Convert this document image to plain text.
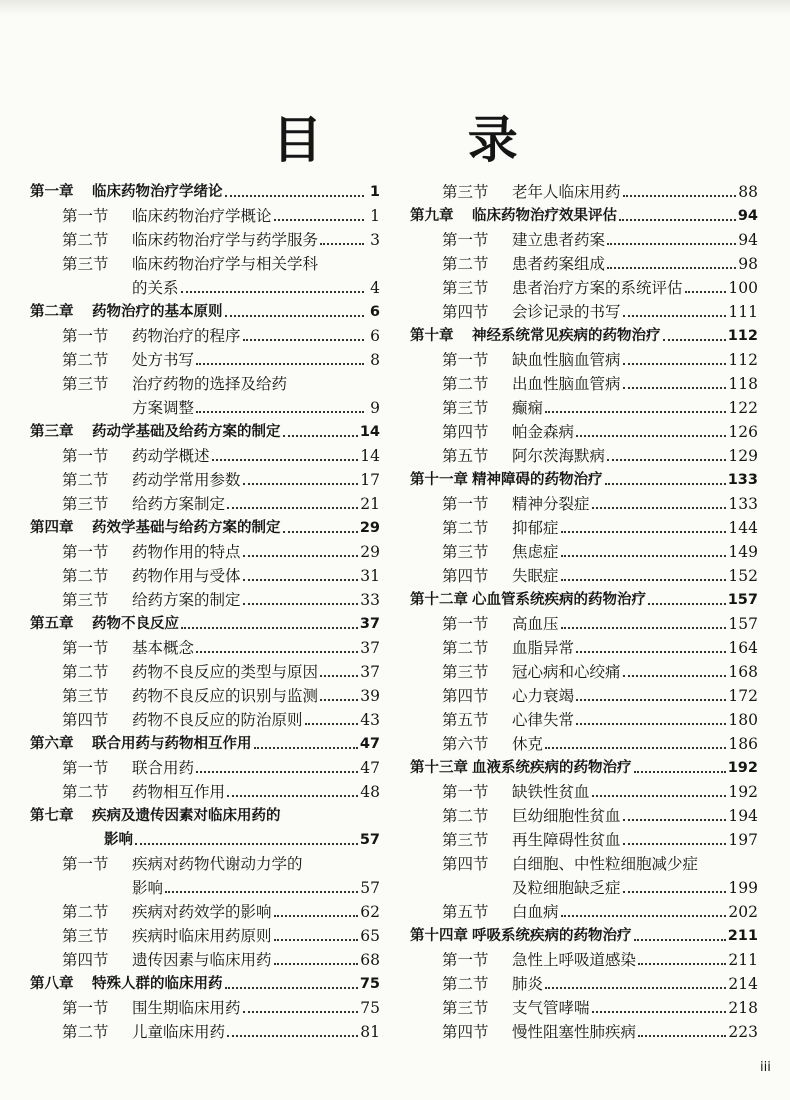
目 录
第一章	临床药物治疗学绪论	1
第一节	临床药物治疗学概论	1
第二节	临床药物治疗学与药学服务	3
第三节	临床药物治疗学与相关学科
的关系	4
第二章	药物治疗的基本原则	6
第一节	药物治疗的程序	6
第二节	处方书写	8
第三节	治疗药物的选择及给药
方案调整	9
第三章	药动学基础及给药方案的制定	14
第一节	药动学概述	14
第二节	药动学常用参数	17
第三节	给药方案制定	21
第四章	药效学基础与给药方案的制定	29
第一节	药物作用的特点	29
第二节	药物作用与受体	31
第三节	给药方案的制定	33
第五章	药物不良反应	37
第一节	基本概念	37
第二节	药物不良反应的类型与原因	37
第三节	药物不良反应的识别与监测	39
第四节	药物不良反应的防治原则	43
第六章	联合用药与药物相互作用	47
第一节	联合用药	47
第二节	药物相互作用	48
第七章	疾病及遗传因素对临床用药的
影响	57
第一节	疾病对药物代谢动力学的
影响	57
第二节	疾病对药效学的影响	62
第三节	疾病时临床用药原则	65
第四节	遗传因素与临床用药	68
第八章	特殊人群的临床用药	75
第一节	围生期临床用药	75
第二节	儿童临床用药	81
第三节	老年人临床用药	88
第九章	临床药物治疗效果评估	94
第一节	建立患者药案	94
第二节	患者药案组成	98
第三节	患者治疗方案的系统评估	100
第四节	会诊记录的书写	111
第十章	神经系统常见疾病的药物治疗	112
第一节	缺血性脑血管病	112
第二节	出血性脑血管病	118
第三节	癫痫	122
第四节	帕金森病	126
第五节	阿尔茨海默病	129
第十一章 精神障碍的药物治疗	133
第一节	精神分裂症	133
第二节	抑郁症	144
第三节	焦虑症	149
第四节	失眠症	152
第十二章 心血管系统疾病的药物治疗	157
第一节	高血压	157
第二节	血脂异常	164
第三节	冠心病和心绞痛	168
第四节	心力衰竭	172
第五节	心律失常	180
第六节	休克	186
第十三章 血液系统疾病的药物治疗	192
第一节	缺铁性贫血	192
第二节	巨幼细胞性贫血	194
第三节	再生障碍性贫血	197
第四节	白细胞、中性粒细胞减少症
及粒细胞缺乏症	199
第五节	白血病	202
第十四章 呼吸系统疾病的药物治疗	211
第一节	急性上呼吸道感染	211
第二节	肺炎	214
第三节	支气管哮喘	218
第四节	慢性阻塞性肺疾病	223
iii
